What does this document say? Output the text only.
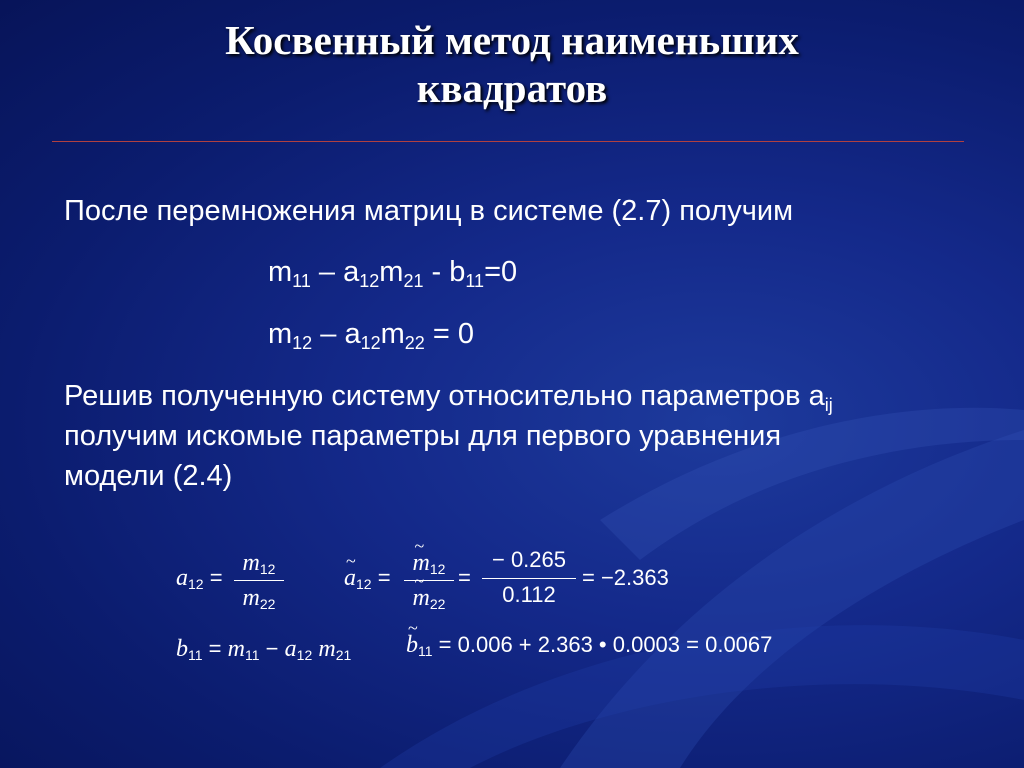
Косвенный метод наименьших
квадратов
После перемножения матриц в системе (2.7) получим
$m_{11} - a_{12}m_{21} - b_{11}=0$
$m_{12} - a_{12}m_{22} = 0$
Решив полученную систему относительно параметров $a_{ij}$
получим искомые параметры для первого уравнения
модели (2.4)
a12 =
m12
m22
~ a12 =
~ m12
~ m22
=
− 0.265
0.112
= −2.363
b11 = m11 − a12 m21
~ b11 = 0.006 + 2.363 • 0.0003 = 0.0067
